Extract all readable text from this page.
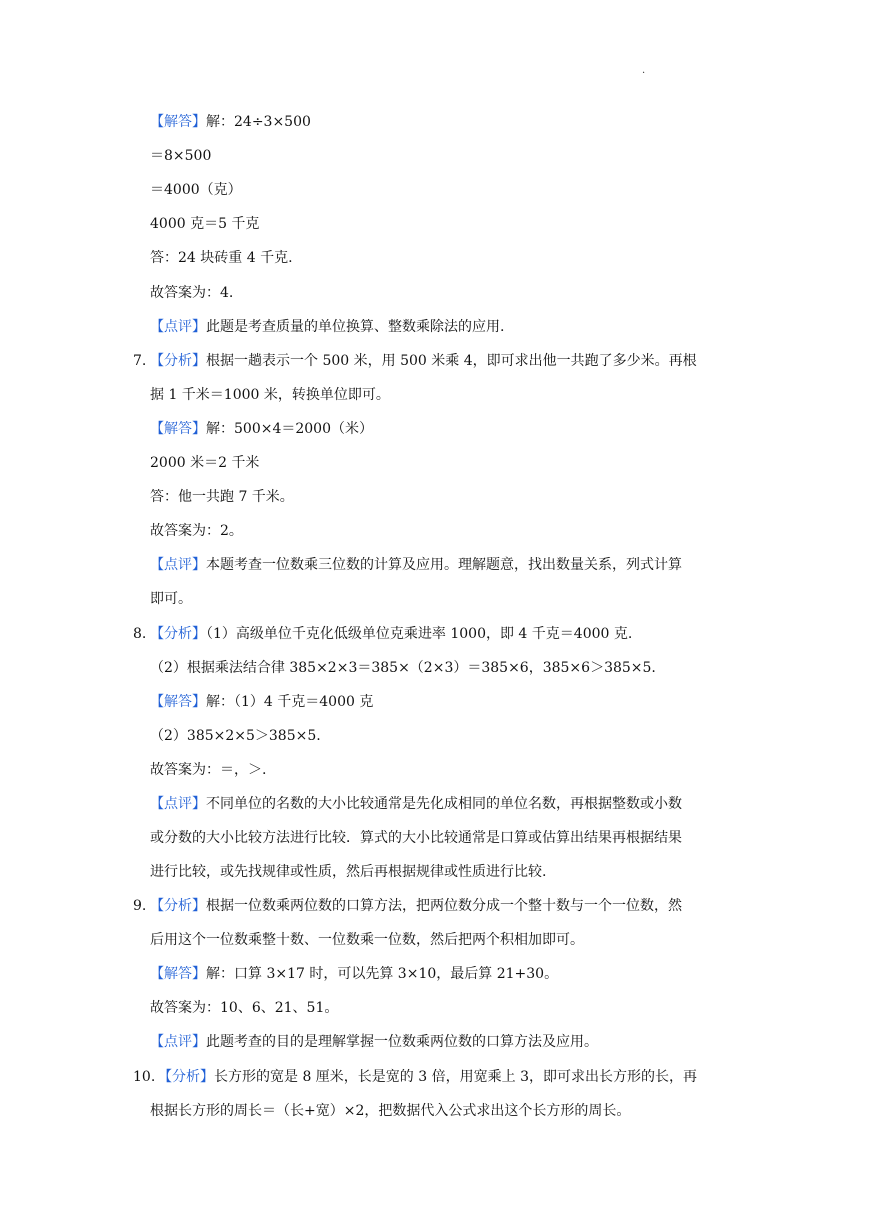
.
【解答】解：24÷3×500
＝8×500
＝4000（克）
4000 克＝5 千克
答：24 块砖重 4 千克.
故答案为：4.
【点评】此题是考查质量的单位换算、整数乘除法的应用.
7. 【分析】根据一趟表示一个 500 米，用 500 米乘 4，即可求出他一共跑了多少米。再根
据 1 千米＝1000 米，转换单位即可。
【解答】解：500×4＝2000（米）
2000 米＝2 千米
答：他一共跑 7 千米。
故答案为：2。
【点评】本题考查一位数乘三位数的计算及应用。理解题意，找出数量关系，列式计算
即可。
8. 【分析】（1）高级单位千克化低级单位克乘进率 1000，即 4 千克＝4000 克.
（2）根据乘法结合律 385×2×3＝385×（2×3）＝385×6，385×6＞385×5.
【解答】解：（1）4 千克＝4000 克
（2）385×2×5＞385×5.
故答案为：＝，＞.
【点评】不同单位的名数的大小比较通常是先化成相同的单位名数，再根据整数或小数
或分数的大小比较方法进行比较．算式的大小比较通常是口算或估算出结果再根据结果
进行比较，或先找规律或性质，然后再根据规律或性质进行比较.
9. 【分析】根据一位数乘两位数的口算方法，把两位数分成一个整十数与一个一位数，然
后用这个一位数乘整十数、一位数乘一位数，然后把两个积相加即可。
【解答】解：口算 3×17 时，可以先算 3×10，最后算 21+30。
故答案为：10、6、21、51。
【点评】此题考查的目的是理解掌握一位数乘两位数的口算方法及应用。
10. 【分析】长方形的宽是 8 厘米，长是宽的 3 倍，用宽乘上 3，即可求出长方形的长，再
根据长方形的周长＝（长+宽）×2，把数据代入公式求出这个长方形的周长。
